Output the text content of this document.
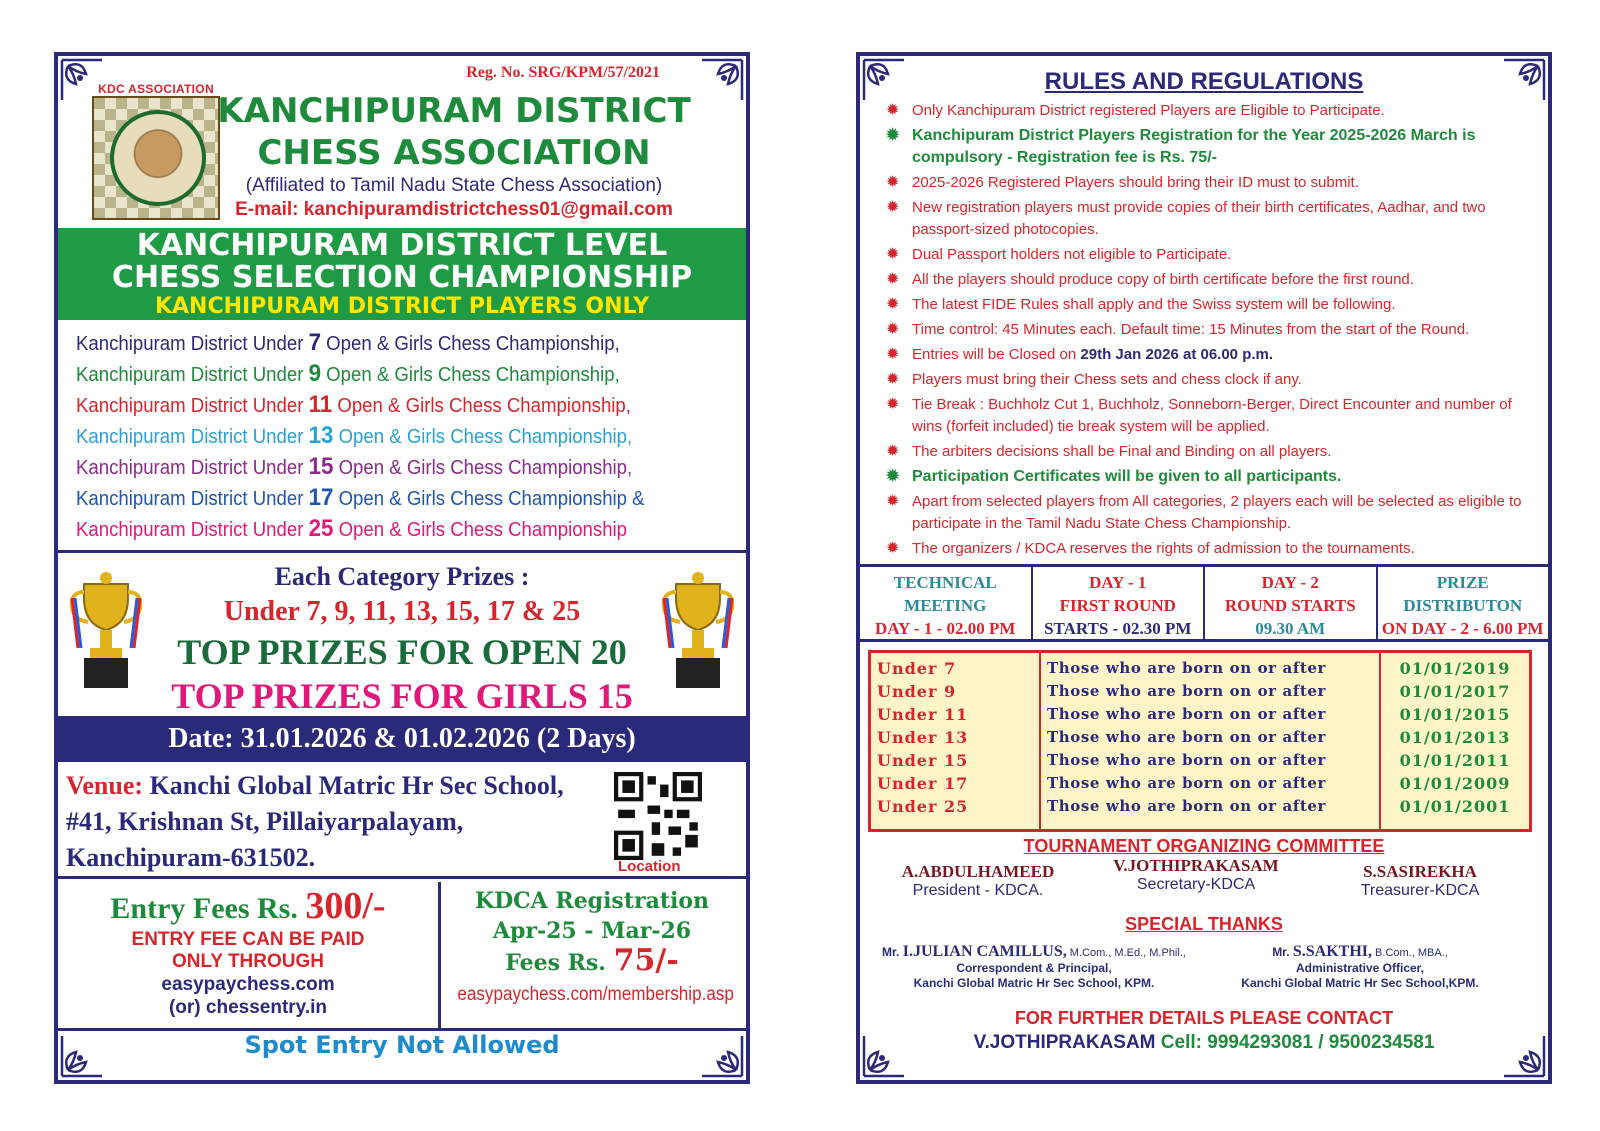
Reg. No. SRG/KPM/57/2021
KDC ASSOCIATION
KANCHIPURAM DISTRICT
CHESS ASSOCIATION
(Affiliated to Tamil Nadu State Chess Association)
E-mail: kanchipuramdistrictchess01@gmail.com
KANCHIPURAM DISTRICT LEVEL
CHESS SELECTION CHAMPIONSHIP
KANCHIPURAM DISTRICT PLAYERS ONLY
Kanchipuram District Under 7 Open & Girls Chess Championship,
Kanchipuram District Under 9 Open & Girls Chess Championship,
Kanchipuram District Under 11 Open & Girls Chess Championship,
Kanchipuram District Under 13 Open & Girls Chess Championship,
Kanchipuram District Under 15 Open & Girls Chess Championship,
Kanchipuram District Under 17 Open & Girls Chess Championship &
Kanchipuram District Under 25 Open & Girls Chess Championship
Each Category Prizes :
Under 7, 9, 11, 13, 15, 17 & 25
TOP PRIZES FOR OPEN 20
TOP PRIZES FOR GIRLS 15
Date: 31.01.2026 & 01.02.2026 (2 Days)
Venue: Kanchi Global Matric Hr Sec School,
#41, Krishnan St, Pillaiyarpalayam,
Kanchipuram-631502.	Location
Entry Fees Rs. 300/-
ENTRY FEE CAN BE PAID
ONLY THROUGH
easypaychess.com
(or) chessentry.in
KDCA Registration
Apr-25 - Mar-26
Fees Rs. 75/-
easypaychess.com/membership.asp
Spot Entry Not Allowed
RULES AND REGULATIONS
✹ Only Kanchipuram District registered Players are Eligible to Participate.
✹ Kanchipuram District Players Registration for the Year 2025-2026 March is compulsory - Registration fee is Rs. 75/-
✹ 2025-2026 Registered Players should bring their ID must to submit.
✹ New registration players must provide copies of their birth certificates, Aadhar, and two passport-sized photocopies.
✹ Dual Passport holders not eligible to Participate.
✹ All the players should produce copy of birth certificate before the first round.
✹ The latest FIDE Rules shall apply and the Swiss system will be following.
✹ Time control: 45 Minutes each. Default time: 15 Minutes from the start of the Round.
✹ Entries will be Closed on 29th Jan 2026 at 06.00 p.m.
✹ Players must bring their Chess sets and chess clock if any.
✹ Tie Break : Buchholz Cut 1, Buchholz, Sonneborn-Berger, Direct Encounter and number of wins (forfeit included) tie break system will be applied.
✹ The arbiters decisions shall be Final and Binding on all players.
✹ Participation Certificates will be given to all participants.
✹ Apart from selected players from All categories, 2 players each will be selected as eligible to participate in the Tamil Nadu State Chess Championship.
✹ The organizers / KDCA reserves the rights of admission to the tournaments.
TECHNICAL
MEETING
DAY - 1 - 02.00 PM
DAY - 1
FIRST ROUND
STARTS - 02.30 PM
DAY - 2
ROUND STARTS
09.30 AM
PRIZE
DISTRIBUTON
ON DAY - 2 - 6.00 PM
Under 7
Under 9
Under 11
Under 13
Under 15
Under 17
Under 25
Those who are born on or after
Those who are born on or after
Those who are born on or after
Those who are born on or after
Those who are born on or after
Those who are born on or after
Those who are born on or after
01/01/2019
01/01/2017
01/01/2015
01/01/2013
01/01/2011
01/01/2009
01/01/2001
TOURNAMENT ORGANIZING COMMITTEE
A.ABDULHAMEED
President - KDCA.
V.JOTHIPRAKASAM
Secretary-KDCA
S.SASIREKHA
Treasurer-KDCA
SPECIAL THANKS
Mr. I.JULIAN CAMILLUS, M.Com., M.Ed., M.Phil.,
Correspondent & Principal,
Kanchi Global Matric Hr Sec School, KPM.
Mr. S.SAKTHI, B.Com., MBA.,
Administrative Officer,
Kanchi Global Matric Hr Sec School,KPM.
FOR FURTHER DETAILS PLEASE CONTACT
V.JOTHIPRAKASAM Cell: 9994293081 / 9500234581
